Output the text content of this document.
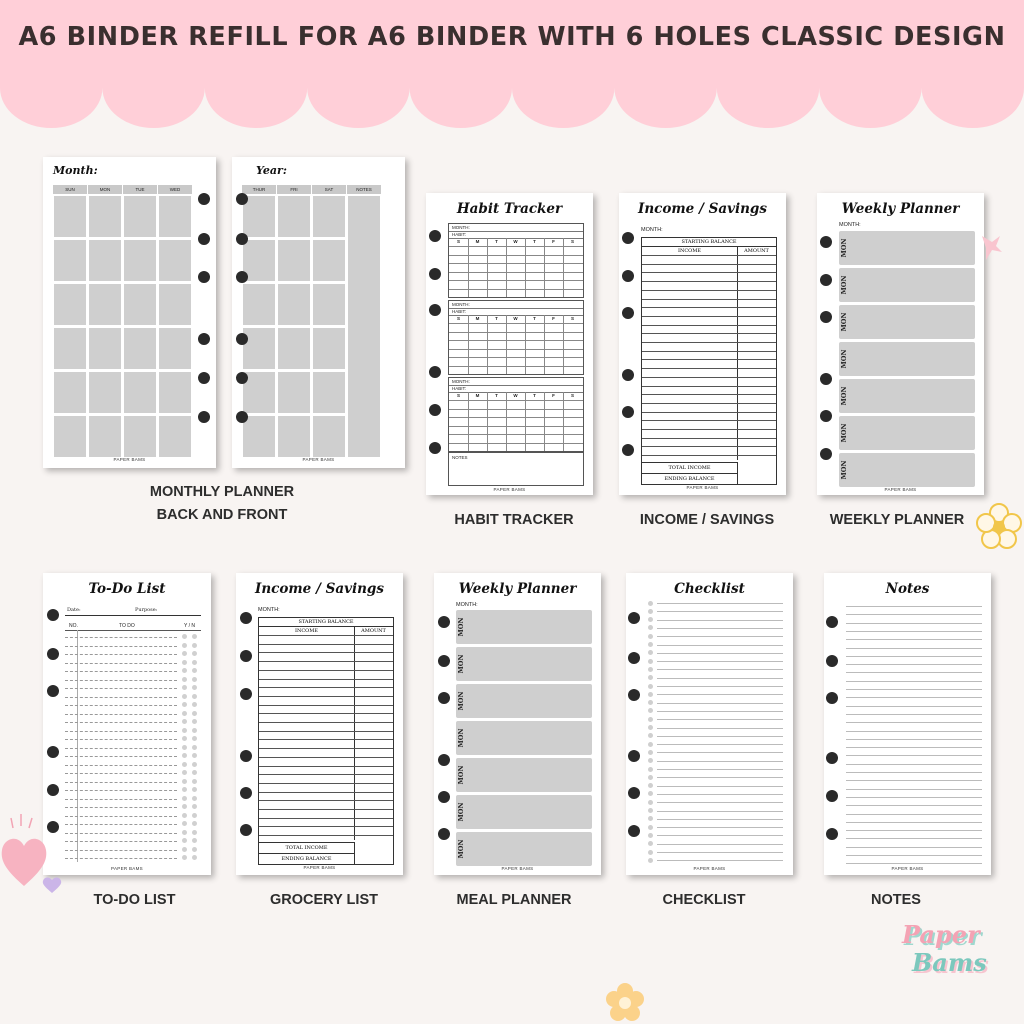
A6 BINDER REFILL FOR A6 BINDER WITH 6 HOLES CLASSIC DESIGN
Month:
SUN	MON	TUE	WED
PAPER BAMS
Year:
THUR	FRI	SAT	NOTES
PAPER BAMS
MONTHLY PLANNER
BACK AND FRONT
Habit Tracker
MONTH:
HABIT:
S	M	T	W	T	F	S
MONTH:
HABIT:
S	M	T	W	T	F	S
MONTH:
HABIT:
S	M	T	W	T	F	S
NOTES
PAPER BAMS
HABIT TRACKER
Income / Savings
MONTH:
STARTING BALANCE
INCOME	AMOUNT
TOTAL INCOME
ENDING BALANCE
PAPER BAMS
INCOME / SAVINGS
Weekly Planner
MONTH:
MON
MON
MON
MON
MON
MON
MON
PAPER BAMS
WEEKLY PLANNER
To-Do List
Date:	Purpose:
NO.	TO DO	Y / N
PAPER BAMS
TO-DO LIST
Income / Savings
MONTH:
STARTING BALANCE
INCOME	AMOUNT
TOTAL INCOME
ENDING BALANCE
PAPER BAMS
GROCERY LIST
Weekly Planner
MONTH:
MON
MON
MON
MON
MON
MON
MON
PAPER BAMS
MEAL PLANNER
Checklist
PAPER BAMS
CHECKLIST
Notes
PAPER BAMS
NOTES
Paper
Bams
